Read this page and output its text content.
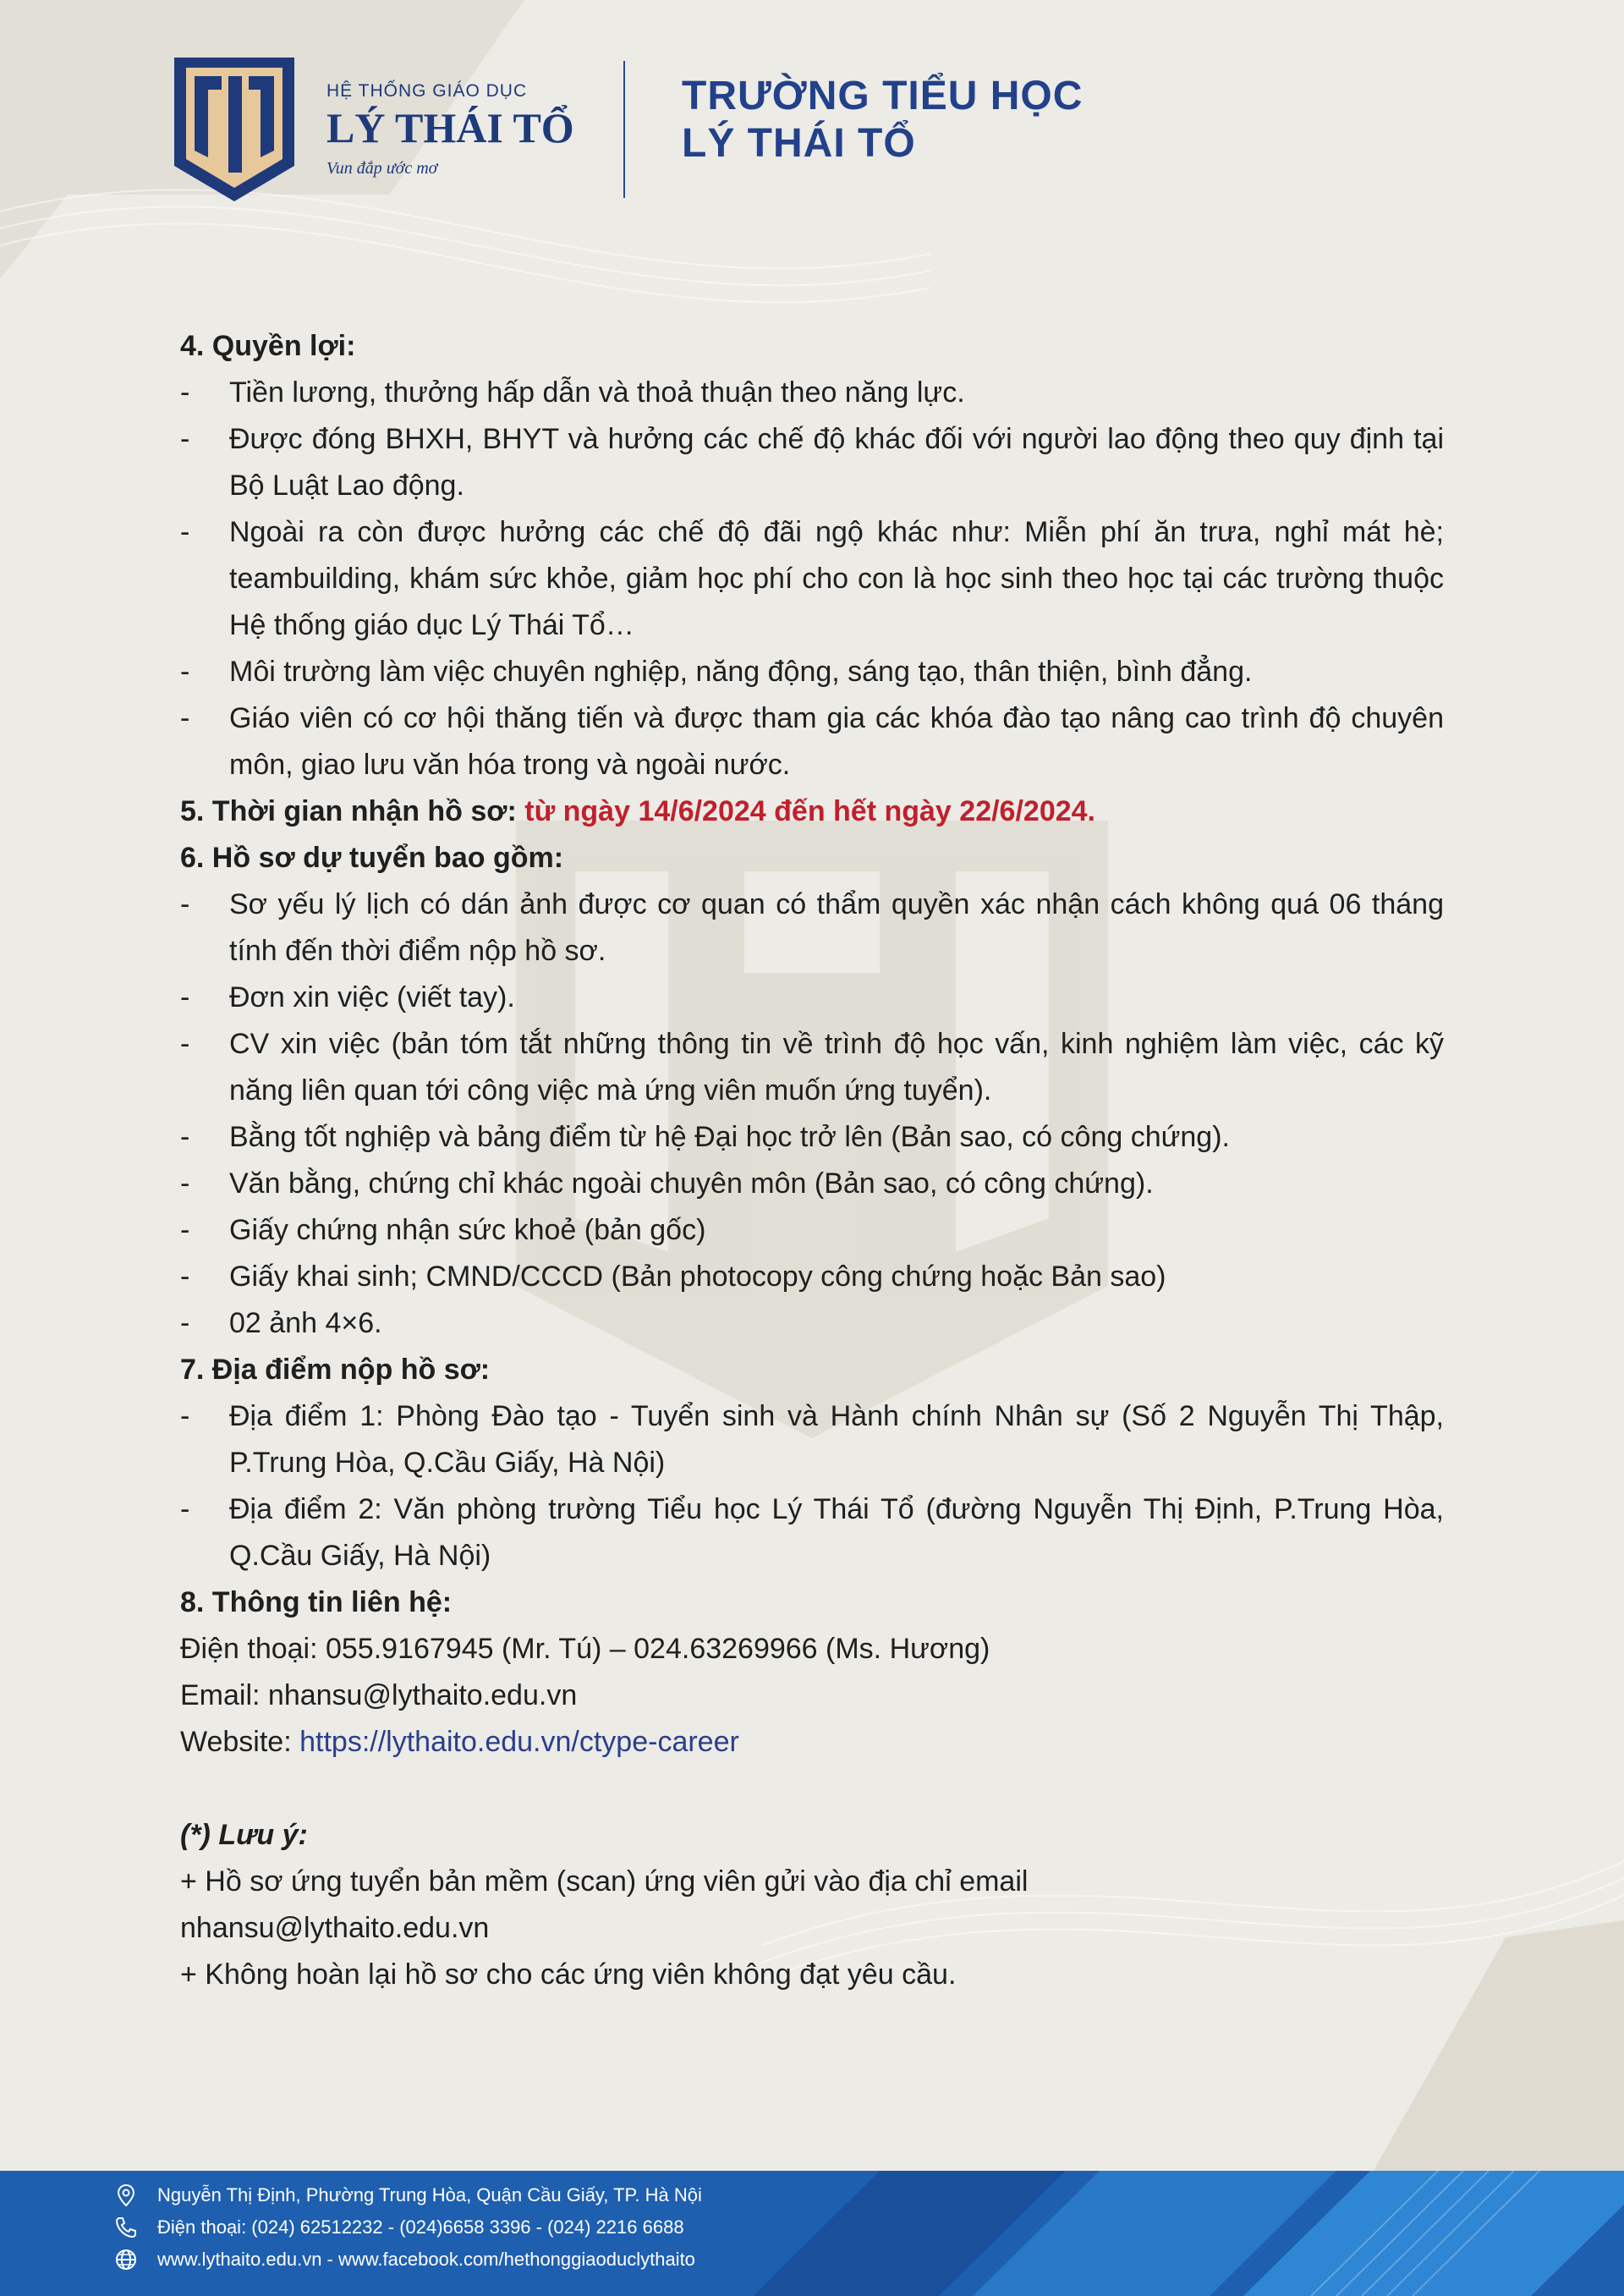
HỆ THỐNG GIÁO DỤC
LÝ THÁI TỔ
Vun đắp ước mơ
TRƯỜNG TIỂU HỌC
LÝ THÁI TỔ
4. Quyền lợi:
-	Tiền lương, thưởng hấp dẫn và thoả thuận theo năng lực.
-	Được đóng BHXH, BHYT và hưởng các chế độ khác đối với người lao động theo quy định tại Bộ Luật Lao động.
-	Ngoài ra còn được hưởng các chế độ đãi ngộ khác như: Miễn phí ăn trưa, nghỉ mát hè; teambuilding, khám sức khỏe, giảm học phí cho con là học sinh theo học tại các trường thuộc Hệ thống giáo dục Lý Thái Tổ…
-	Môi trường làm việc chuyên nghiệp, năng động, sáng tạo, thân thiện, bình đẳng.
-	Giáo viên có cơ hội thăng tiến và được tham gia các khóa đào tạo nâng cao trình độ chuyên môn, giao lưu văn hóa trong và ngoài nước.
5. Thời gian nhận hồ sơ: từ ngày 14/6/2024 đến hết ngày 22/6/2024.
6. Hồ sơ dự tuyển bao gồm:
-	Sơ yếu lý lịch có dán ảnh được cơ quan có thẩm quyền xác nhận cách không quá 06 tháng tính đến thời điểm nộp hồ sơ.
-	Đơn xin việc (viết tay).
-	CV xin việc (bản tóm tắt những thông tin về trình độ học vấn, kinh nghiệm làm việc, các kỹ năng liên quan tới công việc mà ứng viên muốn ứng tuyển).
-	Bằng tốt nghiệp và bảng điểm từ hệ Đại học trở lên (Bản sao, có công chứng).
-	Văn bằng, chứng chỉ khác ngoài chuyên môn (Bản sao, có công chứng).
-	Giấy chứng nhận sức khoẻ (bản gốc)
-	Giấy khai sinh; CMND/CCCD (Bản photocopy công chứng hoặc Bản sao)
-	02 ảnh 4×6.
7. Địa điểm nộp hồ sơ:
-	Địa điểm 1: Phòng Đào tạo - Tuyển sinh và Hành chính Nhân sự (Số 2 Nguyễn Thị Thập, P.Trung Hòa, Q.Cầu Giấy, Hà Nội)
-	Địa điểm 2: Văn phòng trường Tiểu học Lý Thái Tổ (đường Nguyễn Thị Định, P.Trung Hòa, Q.Cầu Giấy, Hà Nội)
8. Thông tin liên hệ:
Điện thoại: 055.9167945 (Mr. Tú) – 024.63269966 (Ms. Hương)
Email: nhansu@lythaito.edu.vn
Website: https://lythaito.edu.vn/ctype-career
(*) Lưu ý:
+ Hồ sơ ứng tuyển bản mềm (scan) ứng viên gửi vào địa chỉ email
nhansu@lythaito.edu.vn
+ Không hoàn lại hồ sơ cho các ứng viên không đạt yêu cầu.
Nguyễn Thị Định, Phường Trung Hòa, Quận Cầu Giấy, TP. Hà Nội
Điện thoại: (024) 62512232 - (024)6658 3396 - (024) 2216 6688
www.lythaito.edu.vn - www.facebook.com/hethonggiaoduclythaito
